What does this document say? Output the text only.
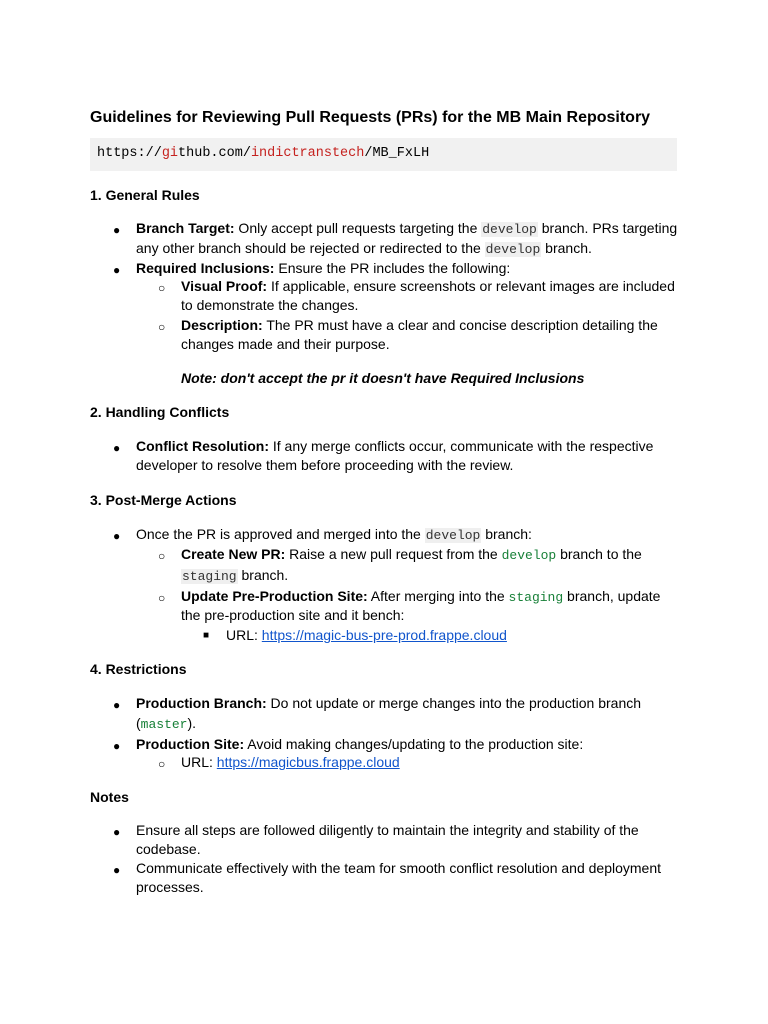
Guidelines for Reviewing Pull Requests (PRs) for the MB Main Repository
https://github.com/indictranstech/MB_FxLH
1. General Rules
● Branch Target: Only accept pull requests targeting the develop branch. PRs targeting
any other branch should be rejected or redirected to the develop branch.
● Required Inclusions: Ensure the PR includes the following:
○ Visual Proof: If applicable, ensure screenshots or relevant images are included
to demonstrate the changes.
○ Description: The PR must have a clear and concise description detailing the
changes made and their purpose.
Note: don't accept the pr it doesn't have Required Inclusions
2. Handling Conflicts
● Conflict Resolution: If any merge conflicts occur, communicate with the respective
developer to resolve them before proceeding with the review.
3. Post-Merge Actions
● Once the PR is approved and merged into the develop branch:
○ Create New PR: Raise a new pull request from the develop branch to the
staging branch.
○ Update Pre-Production Site: After merging into the staging branch, update
the pre-production site and it bench:
■ URL: https://magic-bus-pre-prod.frappe.cloud
4. Restrictions
● Production Branch: Do not update or merge changes into the production branch
(master).
● Production Site: Avoid making changes/updating to the production site:
○ URL: https://magicbus.frappe.cloud
Notes
● Ensure all steps are followed diligently to maintain the integrity and stability of the
codebase.
● Communicate effectively with the team for smooth conflict resolution and deployment
processes.
